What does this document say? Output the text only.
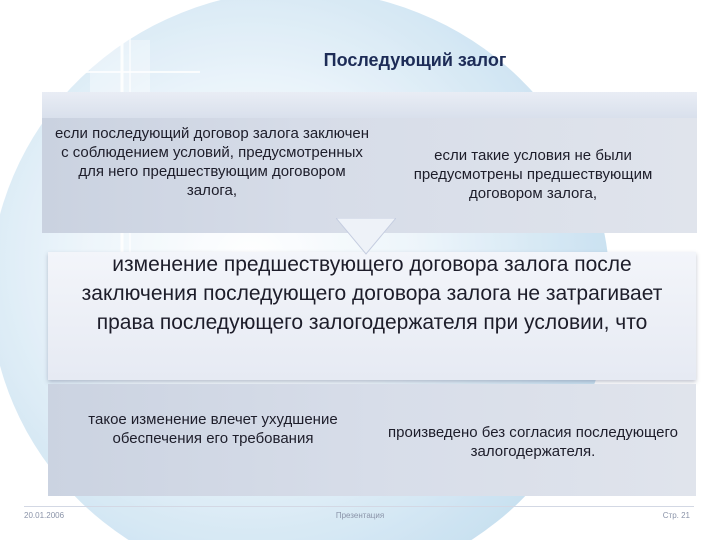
Последующий залог
если последующий договор залога заключен с соблюдением условий, предусмотренных для него предшествующим договором залога,
если такие условия не были предусмотрены предшествующим договором залога,
изменение предшествующего договора залога после заключения последующего договора залога не затрагивает права последующего залогодержателя при условии, что
такое изменение влечет ухудшение обеспечения его требования	произведено без согласия последующего залогодержателя.
20.01.2006	Презентация	Стр. 21
